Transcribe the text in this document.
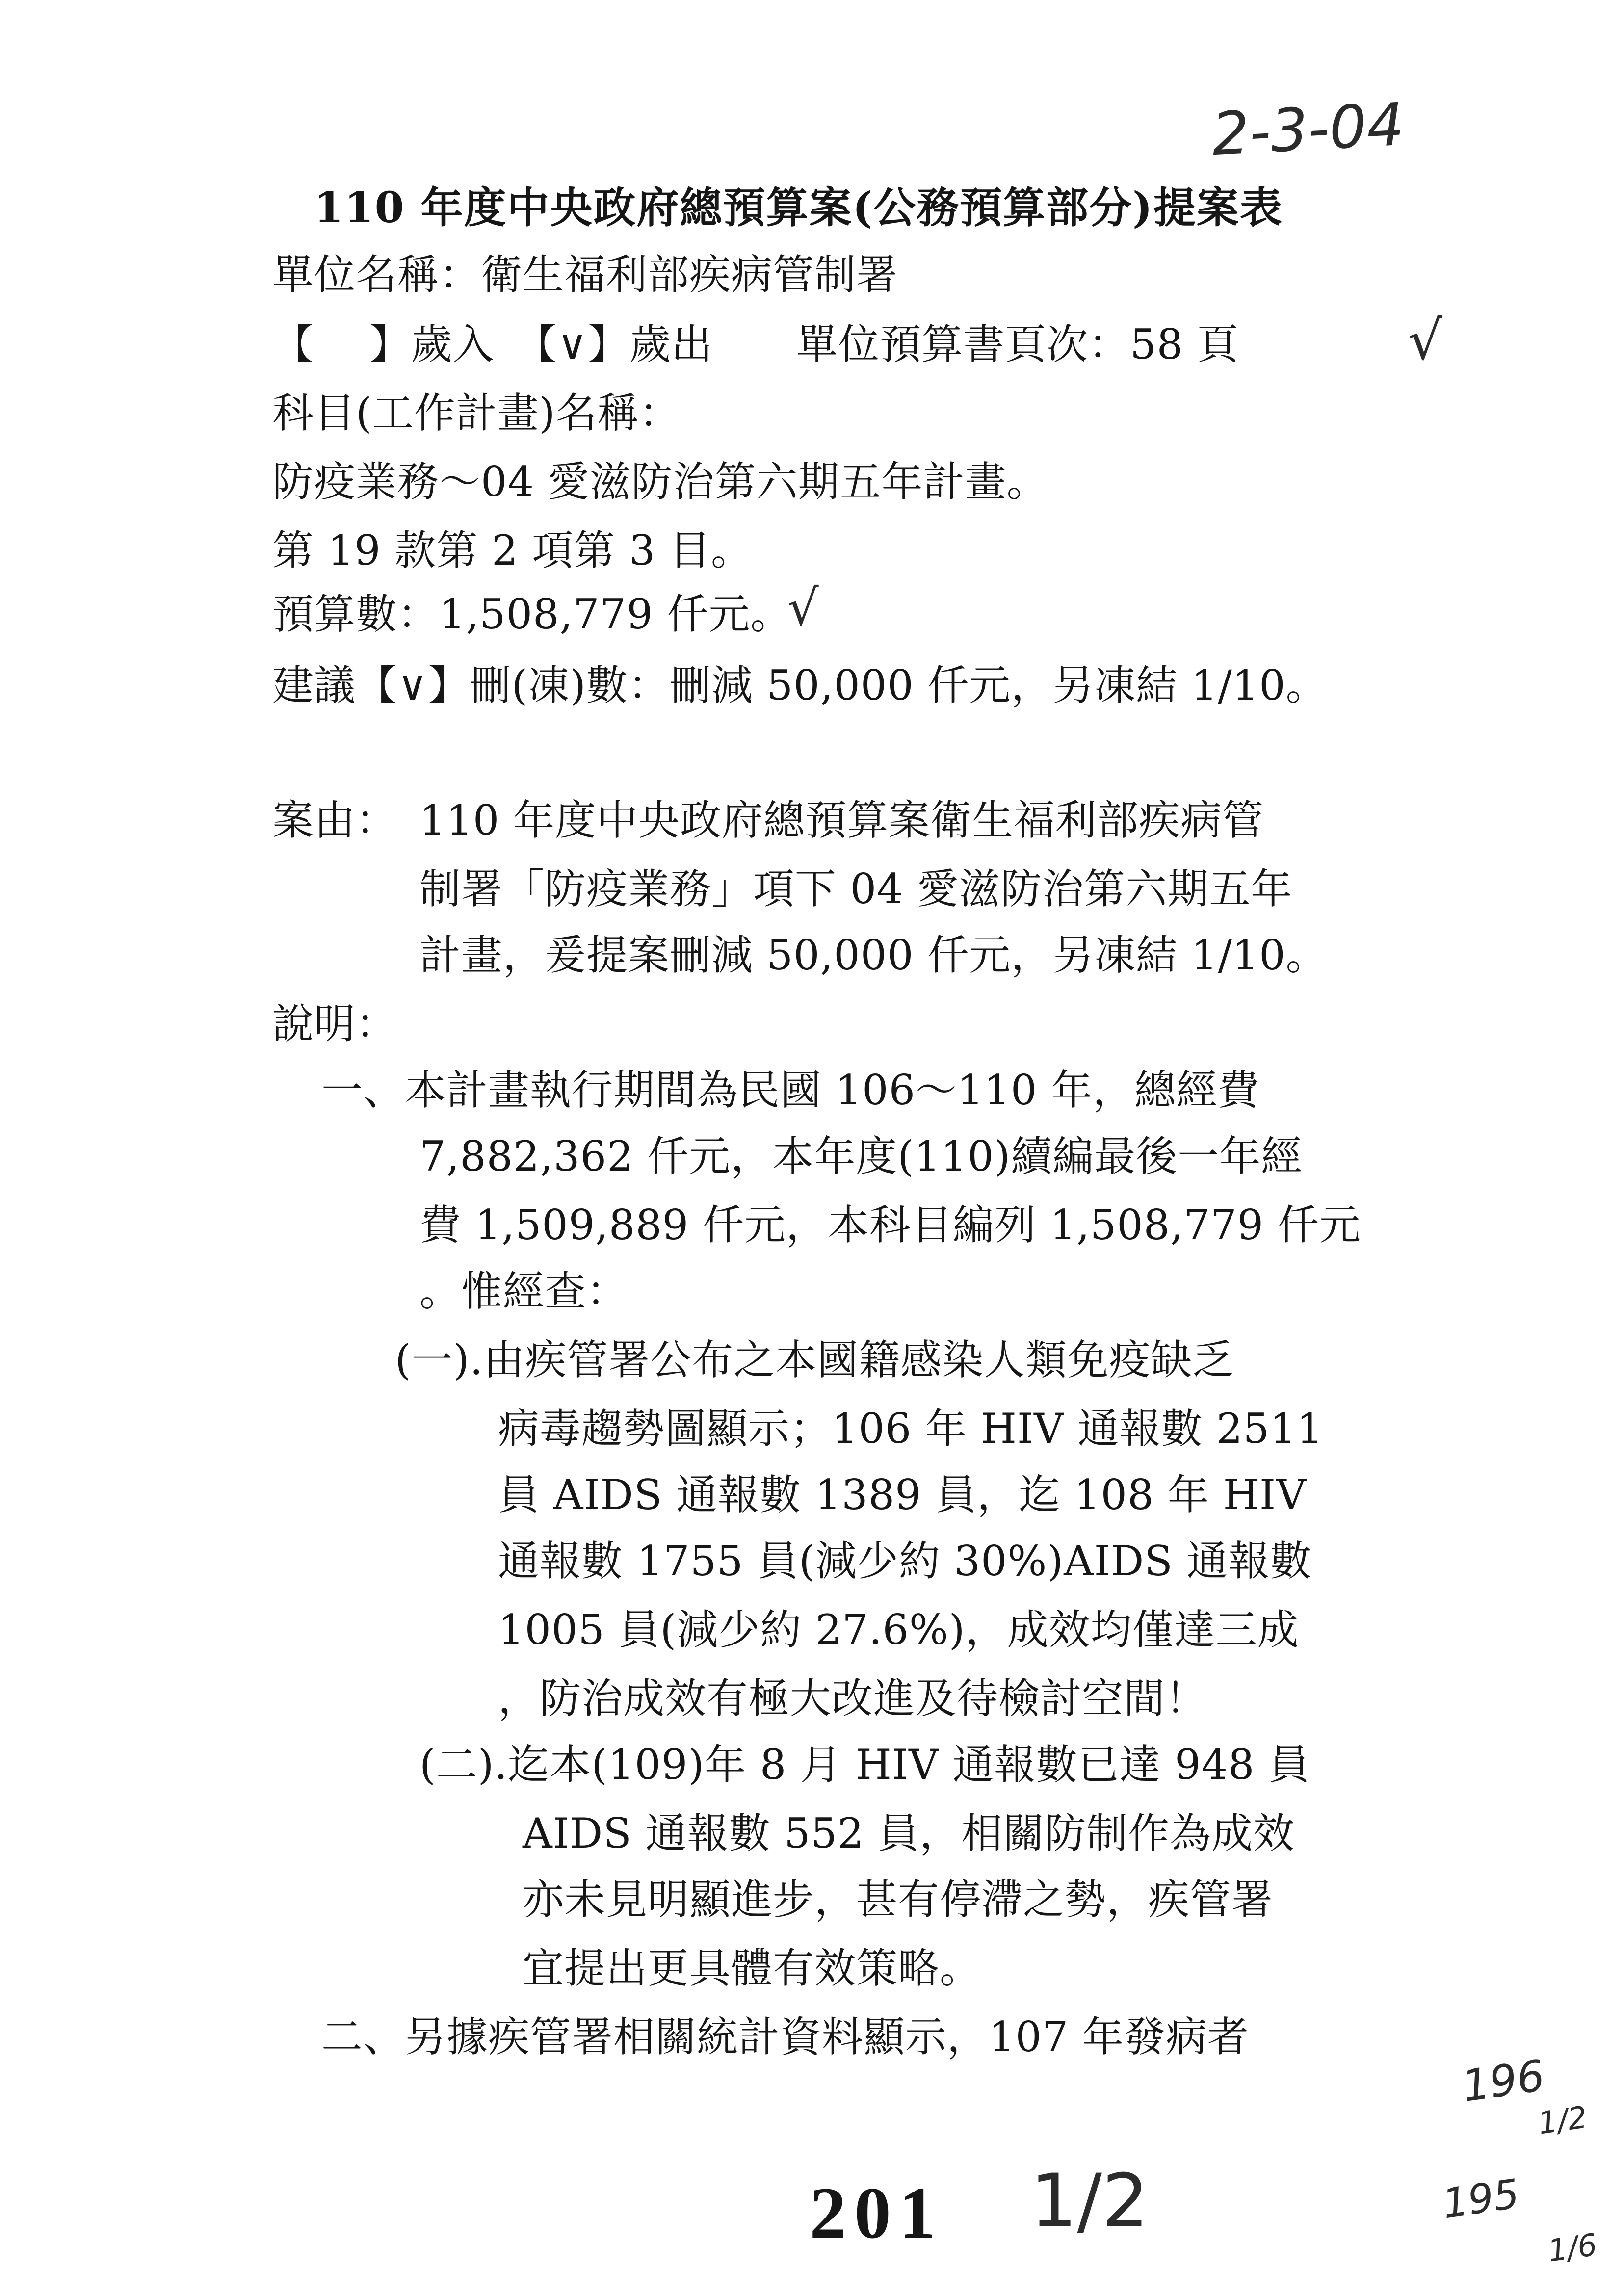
2-3-04
110 年度中央政府總預算案(公務預算部分)提案表
單位名稱：衛生福利部疾病管制署
【　 】歲入　【∨】歲出　　單位預算書頁次：58 頁	√
科目(工作計畫)名稱：
防疫業務～04 愛滋防治第六期五年計畫。
第 19 款第 2 項第 3 目。
預算數：1,508,779 仟元。
√
建議【∨】刪(凍)數：刪減 50,000 仟元，另凍結 1/10。
案由： 110 年度中央政府總預算案衛生福利部疾病管
制署「防疫業務」項下 04 愛滋防治第六期五年
計畫，爰提案刪減 50,000 仟元，另凍結 1/10。
說明：
一、本計畫執行期間為民國 106～110 年，總經費
7,882,362 仟元，本年度(110)續編最後一年經
費 1,509,889 仟元，本科目編列 1,508,779 仟元
。惟經查：
(一).由疾管署公布之本國籍感染人類免疫缺乏
病毒趨勢圖顯示；106 年 HIV 通報數 2511
員 AIDS 通報數 1389 員，迄 108 年 HIV
通報數 1755 員(減少約 30%)AIDS 通報數
1005 員(減少約 27.6%)，成效均僅達三成
，防治成效有極大改進及待檢討空間！
(二).迄本(109)年 8 月 HIV 通報數已達 948 員
AIDS 通報數 552 員，相關防制作為成效
亦未見明顯進步，甚有停滯之勢，疾管署
宜提出更具體有效策略。
二、另據疾管署相關統計資料顯示，107 年發病者
196
1/2
195
1/6
201 1/2
